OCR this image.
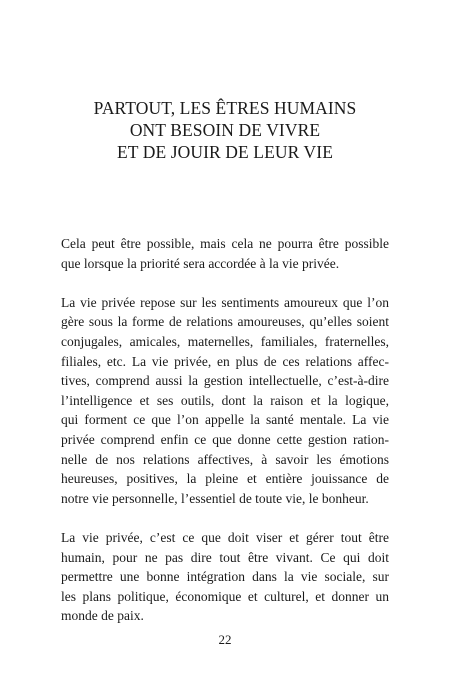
PARTOUT, LES ÊTRES HUMAINS
ONT BESOIN DE VIVRE
ET DE JOUIR DE LEUR VIE
Cela peut être possible, mais cela ne pourra être possible
que lorsque la priorité sera accordée à la vie privée.
La vie privée repose sur les sentiments amoureux que l’on
gère sous la forme de relations amoureuses, qu’elles soient
conjugales, amicales, maternelles, familiales, fraternelles,
filiales, etc. La vie privée, en plus de ces relations affec-
tives, comprend aussi la gestion intellectuelle, c’est-à-dire
l’intelligence et ses outils, dont la raison et la logique,
qui forment ce que l’on appelle la santé mentale. La vie
privée comprend enfin ce que donne cette gestion ration-
nelle de nos relations affectives, à savoir les émotions
heureuses, positives, la pleine et entière jouissance de
notre vie personnelle, l’essentiel de toute vie, le bonheur.
La vie privée, c’est ce que doit viser et gérer tout être
humain, pour ne pas dire tout être vivant. Ce qui doit
permettre une bonne intégration dans la vie sociale, sur
les plans politique, économique et culturel, et donner un
monde de paix.
22
